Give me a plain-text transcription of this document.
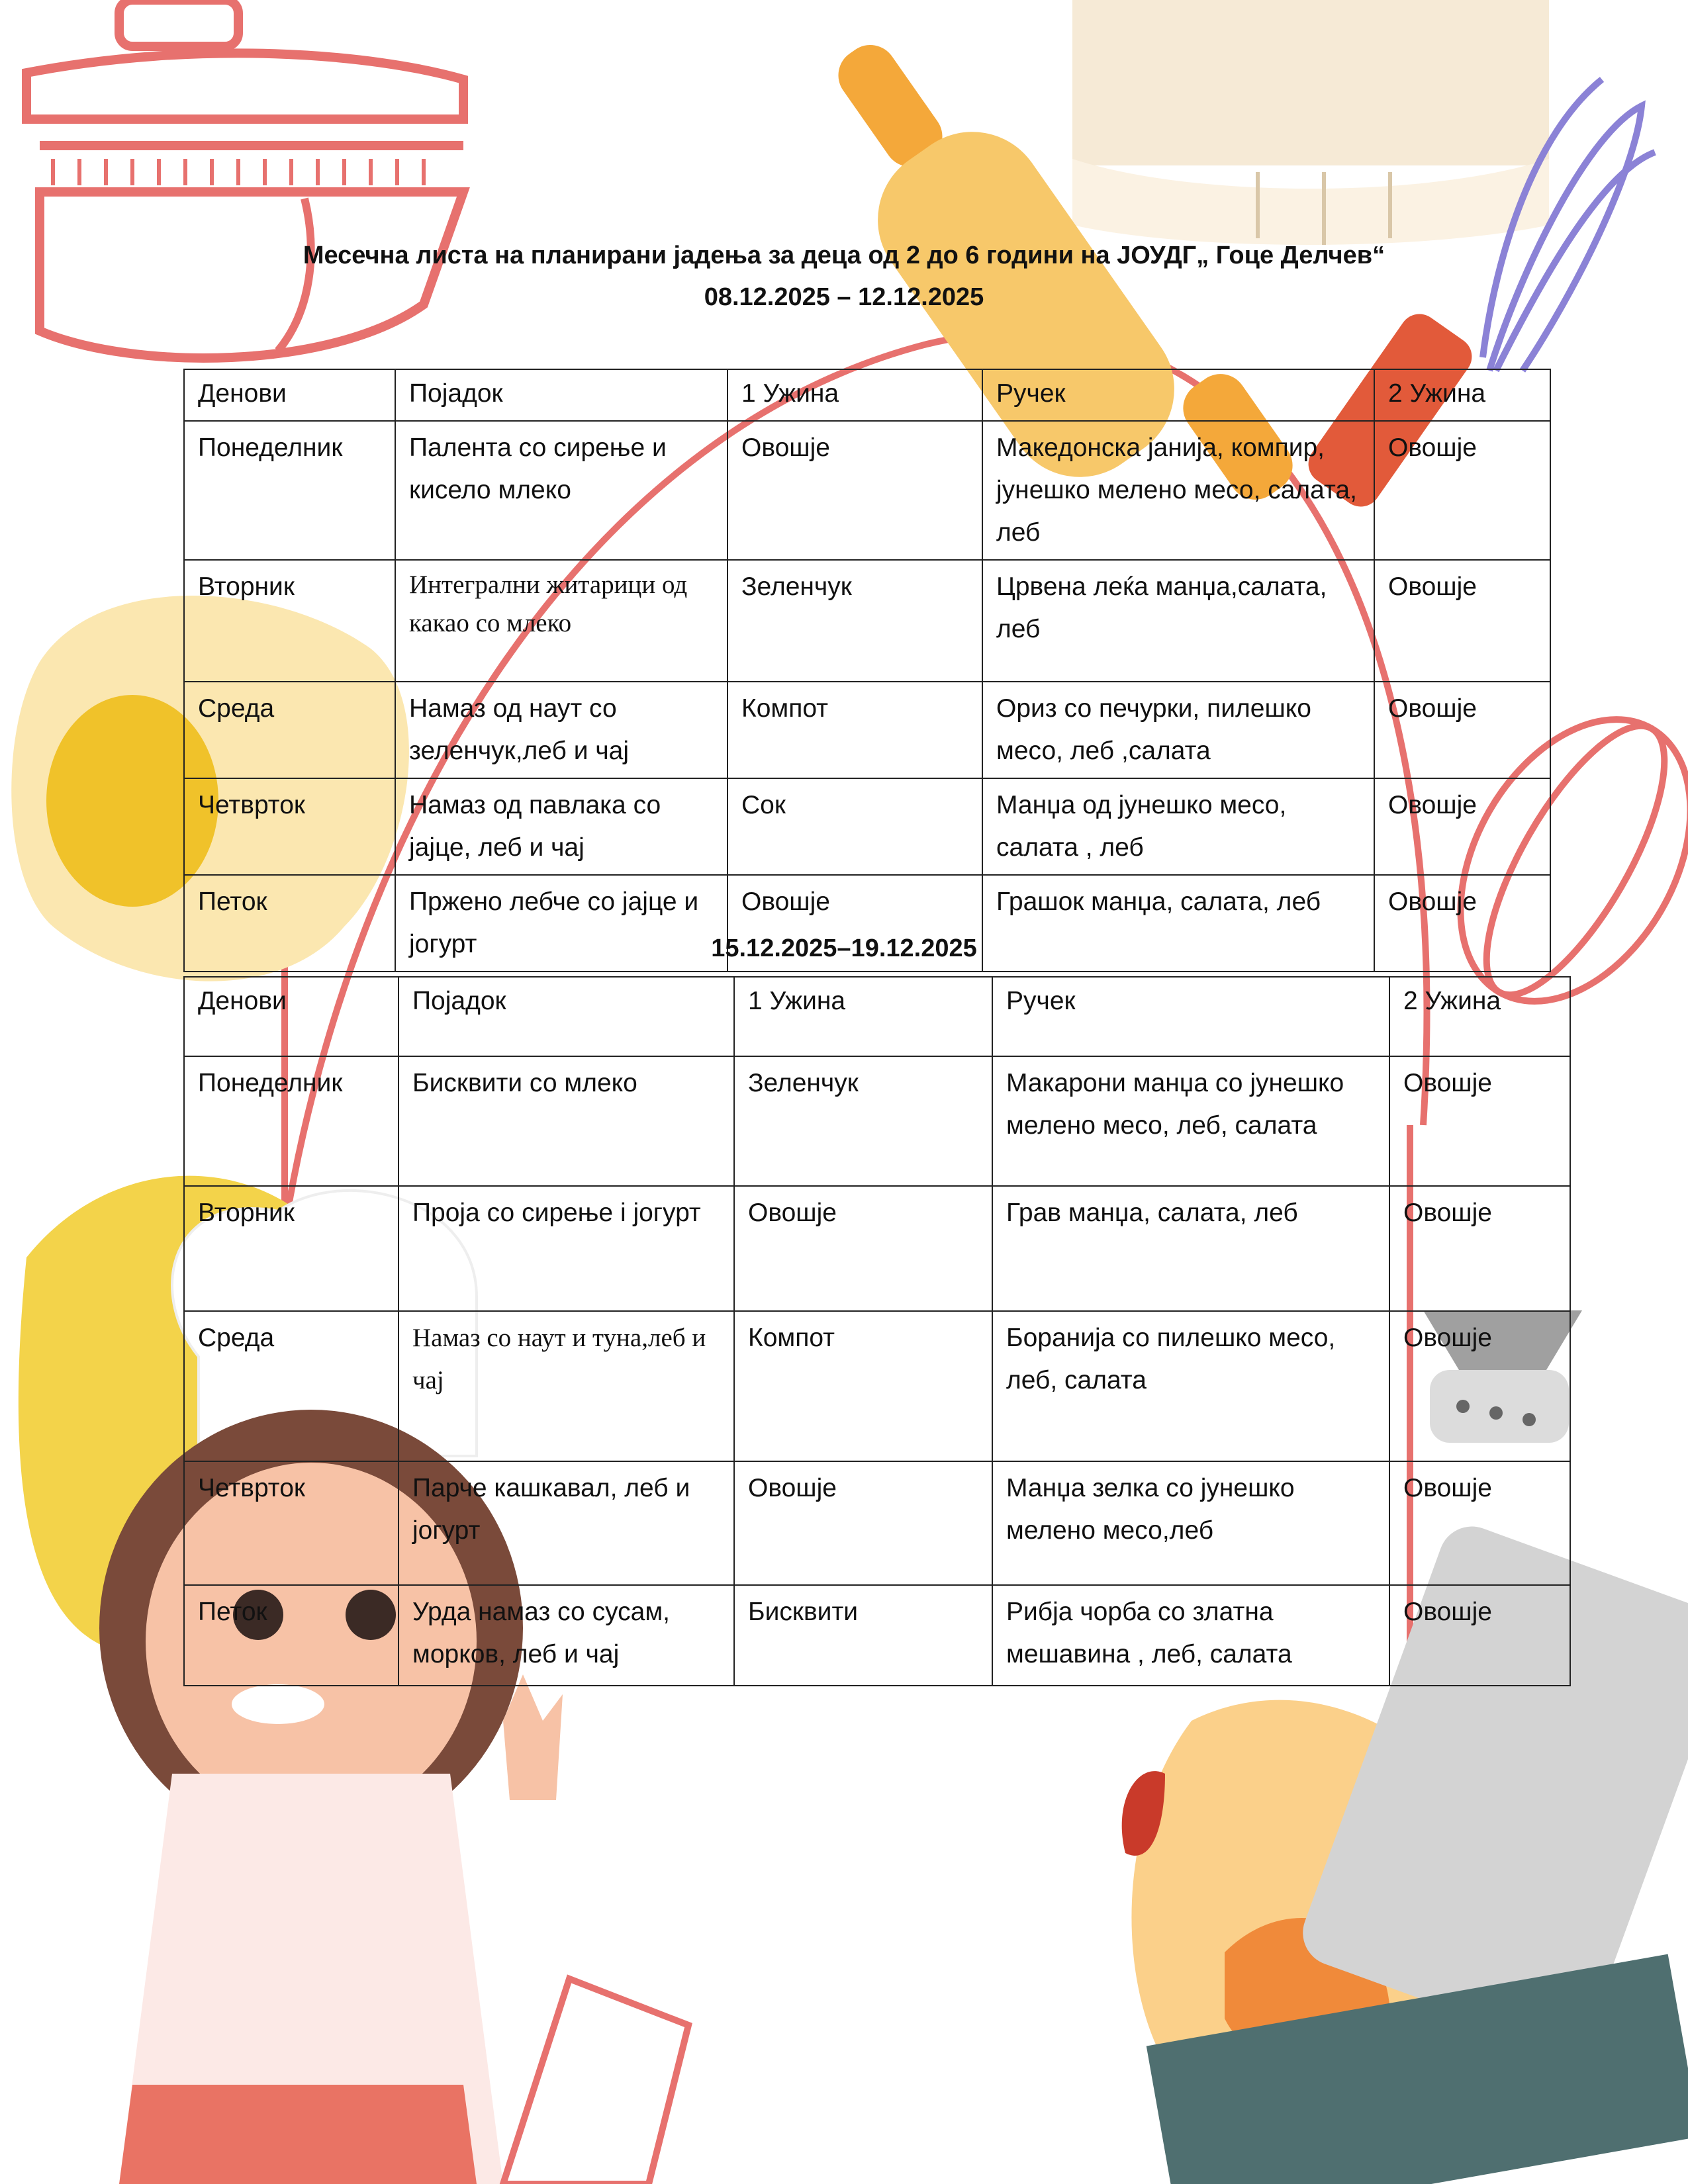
Месечна листа на планирани јадења за деца од 2 до 6 години на ЈОУДГ„ Гоце Делчев“
08.12.2025 – 12.12.2025
Денови	Појадок	1 Ужина	Ручек	2 Ужина
Понеделник	Палента со сирење и кисело млеко	Овошје	Македонска јанија, компир, јунешко мелено месо, салата, леб	Овошје
Вторник	Интегрални житарици од какао со млеко	Зеленчук	Црвена леќа манџа,салата, леб	Овошје
Среда	Намаз од наут со зеленчук,леб и чај	Компот	Ориз со печурки, пилешко месо, леб ,салата	Овошје
Четврток	Намаз од павлака со јајце, леб и чај	Сок	Манџа од јунешко месо, салата , леб	Овошје
Петок	Пржено лебче со јајце и јогурт	Овошје	Грашок манџа, салата, леб	Овошје
15.12.2025–19.12.2025
Денови	Појадок	1 Ужина	Ручек	2 Ужина
Понеделник	Бисквити со млеко	Зеленчук	Макарони манџа со јунешко мелено месо, леб, салата	Овошје
Вторник	Проја со сирење і јогурт	Овошје	Грав манџа, салата, леб	Овошје
Среда	Намаз со наут и туна,леб и чај	Компот	Боранија со пилешко месо, леб, салата	Овошје
Четврток	Парче кашкавал, леб и јогурт	Овошје	Манџа зелка со јунешко мелено месо,леб	Овошје
Петок	Урда намаз со сусам, морков, леб и чај	Бисквити	Рибја чорба со златна мешавина , леб, салата	Овошје
